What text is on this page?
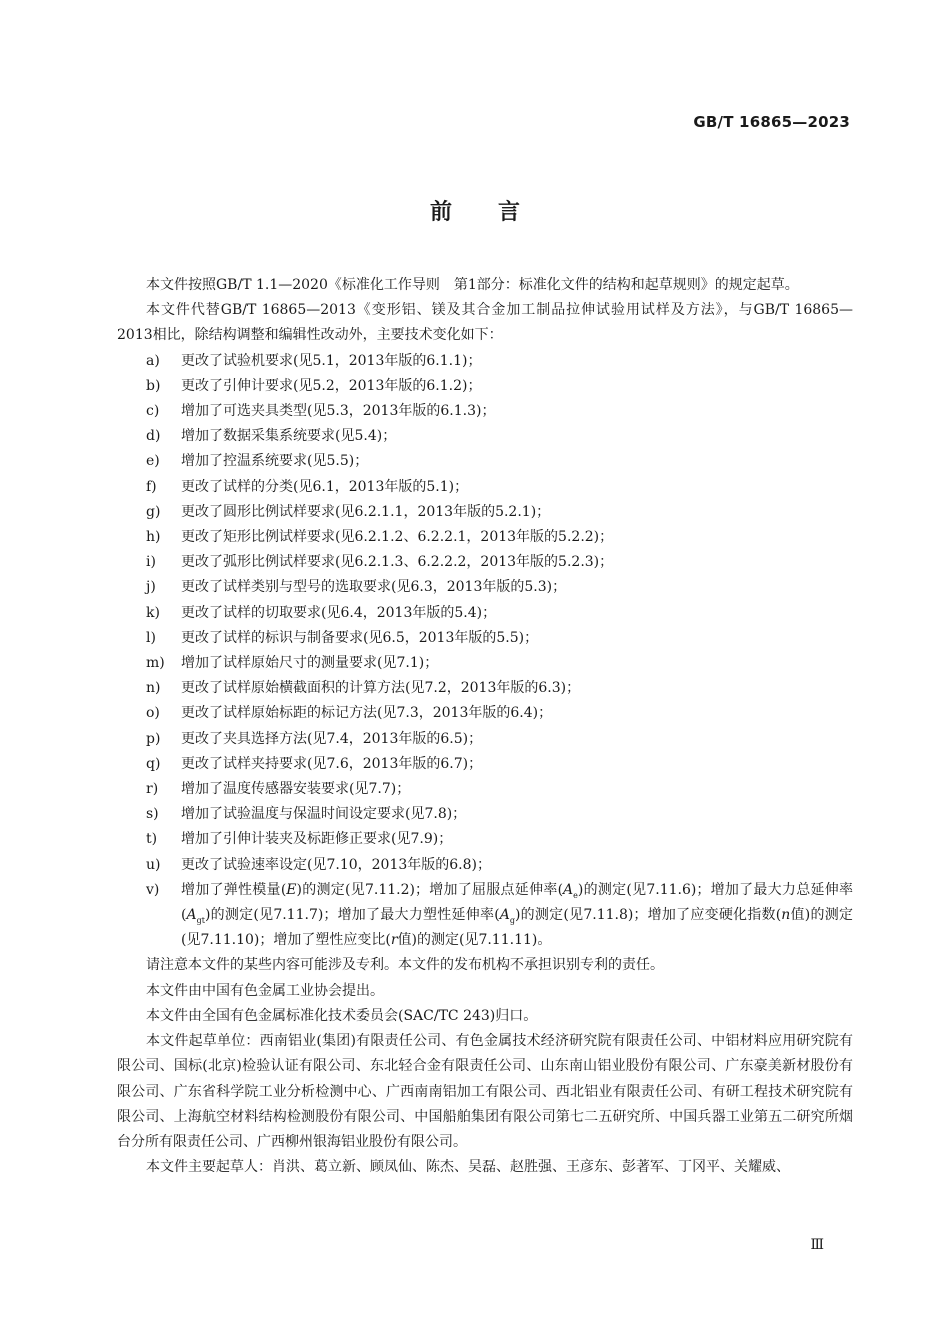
GB/T 16865—2023
前言

本文件按照GB/T 1.1—2020《标准化工作导则　第1部分：标准化文件的结构和起草规则》的规定起草。

本文件代替GB/T 16865—2013《变形铝、镁及其合金加工制品拉伸试验用试样及方法》，与GB/T 16865—2013相比，除结构调整和编辑性改动外，主要技术变化如下：

a) 更改了试验机要求(见5.1，2013年版的6.1.1)；
b) 更改了引伸计要求(见5.2，2013年版的6.1.2)；
c) 增加了可选夹具类型(见5.3，2013年版的6.1.3)；
d) 增加了数据采集系统要求(见5.4)；
e) 增加了控温系统要求(见5.5)；
f) 更改了试样的分类(见6.1，2013年版的5.1)；
g) 更改了圆形比例试样要求(见6.2.1.1，2013年版的5.2.1)；
h) 更改了矩形比例试样要求(见6.2.1.2、6.2.2.1，2013年版的5.2.2)；
i) 更改了弧形比例试样要求(见6.2.1.3、6.2.2.2，2013年版的5.2.3)；
j) 更改了试样类别与型号的选取要求(见6.3，2013年版的5.3)；
k) 更改了试样的切取要求(见6.4，2013年版的5.4)；
l) 更改了试样的标识与制备要求(见6.5，2013年版的5.5)；
m) 增加了试样原始尺寸的测量要求(见7.1)；
n) 更改了试样原始横截面积的计算方法(见7.2，2013年版的6.3)；
o) 更改了试样原始标距的标记方法(见7.3，2013年版的6.4)；
p) 更改了夹具选择方法(见7.4，2013年版的6.5)；
q) 更改了试样夹持要求(见7.6，2013年版的6.7)；
r) 增加了温度传感器安装要求(见7.7)；
s) 增加了试验温度与保温时间设定要求(见7.8)；
t) 增加了引伸计装夹及标距修正要求(见7.9)；
u) 更改了试验速率设定(见7.10，2013年版的6.8)；
v) 增加了弹性模量(E)的测定(见7.11.2)；增加了屈服点延伸率$(A_e)$的测定(见7.11.6)；增加了最大力总延伸率$(A_{gt})$的测定(见7.11.7)；增加了最大力塑性延伸率$(A_g)$的测定(见7.11.8)；增加了应变硬化指数(n值)的测定(见7.11.10)；增加了塑性应变比(r值)的测定(见7.11.11)。

请注意本文件的某些内容可能涉及专利。本文件的发布机构不承担识别专利的责任。

本文件由中国有色金属工业协会提出。

本文件由全国有色金属标准化技术委员会(SAC/TC 243)归口。

本文件起草单位：西南铝业(集团)有限责任公司、有色金属技术经济研究院有限责任公司、中铝材料应用研究院有限公司、国标(北京)检验认证有限公司、东北轻合金有限责任公司、山东南山铝业股份有限公司、广东豪美新材股份有限公司、广东省科学院工业分析检测中心、广西南南铝加工有限公司、西北铝业有限责任公司、有研工程技术研究院有限公司、上海航空材料结构检测股份有限公司、中国船舶集团有限公司第七二五研究所、中国兵器工业第五二研究所烟台分所有限责任公司、广西柳州银海铝业股份有限公司。

本文件主要起草人：肖洪、葛立新、顾凤仙、陈杰、吴磊、赵胜强、王彦东、彭著军、丁冈平、关耀威、

Ⅲ
